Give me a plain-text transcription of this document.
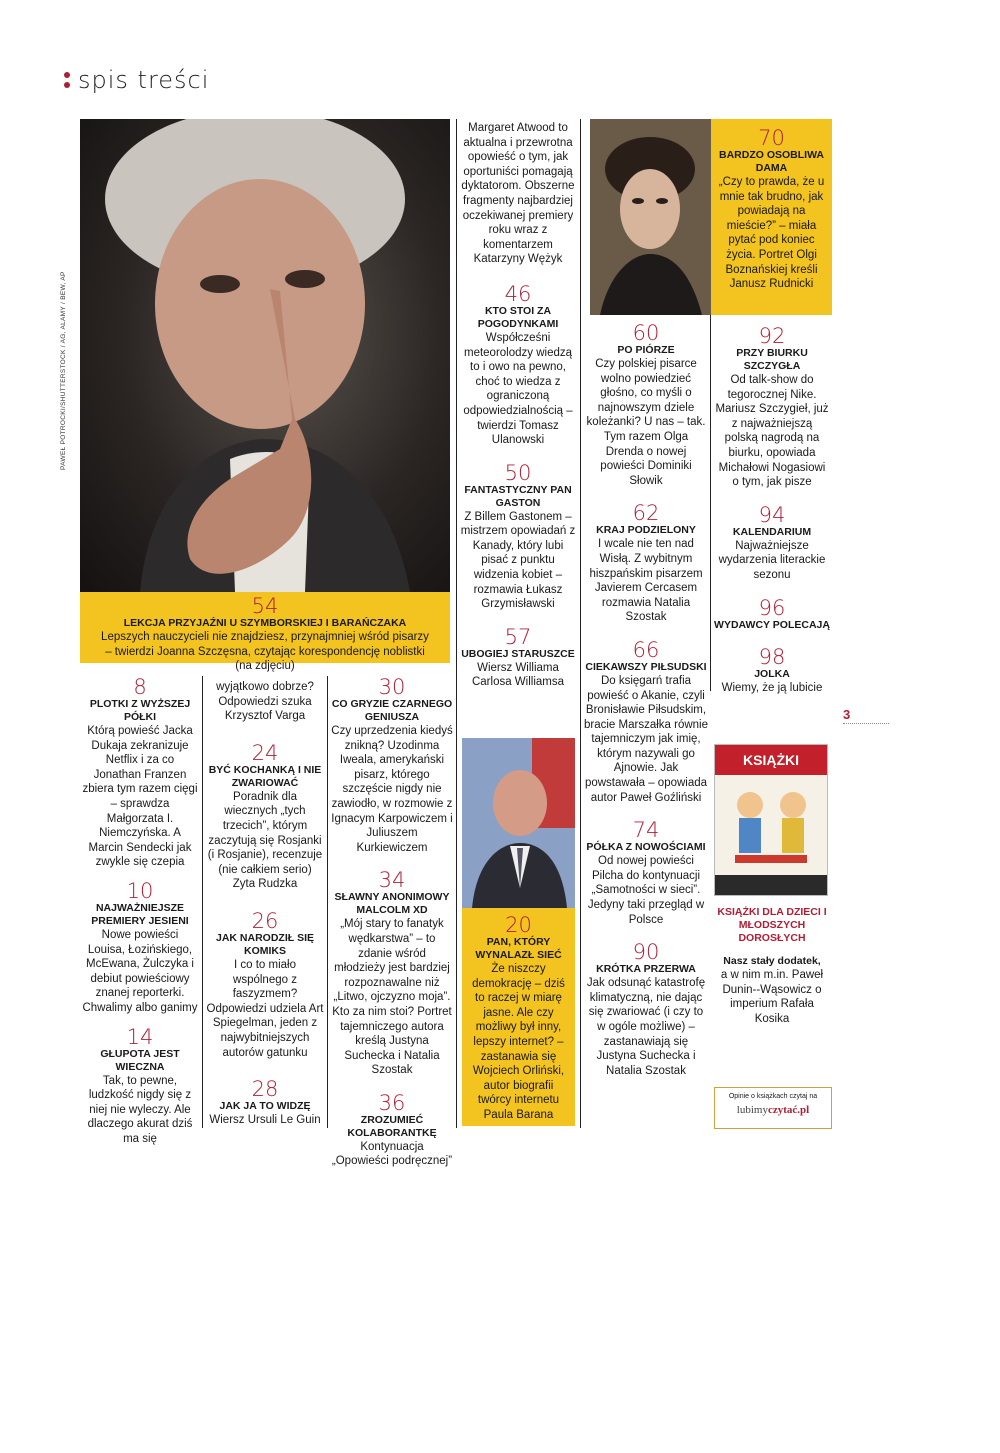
spis treści
PAWEŁ POTROCKI/SHUTTERSTOCK / AG, ALAMY / BEW, AP
54
LEKCJA PRZYJAŹNI U SZYMBORSKIEJ I BARAŃCZAKA
Lepszych nauczycieli nie znajdziesz, przynajmniej wśród pisarzy – twierdzi Joanna Szczęsna, czytając korespondencję noblistki (na zdjęciu)
8
PLOTKI Z WYŻSZEJ PÓŁKI
Którą powieść Jacka Dukaja zekranizuje Netflix i za co Jonathan Franzen zbiera tym razem cięgi – sprawdza Małgorzata I. Niemczyńska. A Marcin Sendecki jak zwykle się czepia
10
NAJWAŻNIEJSZE PREMIERY JESIENI
Nowe powieści Louisa, Łozińskiego, McEwana, Żulczyka i debiut powieściowy znanej reporterki. Chwalimy albo ganimy
14
GŁUPOTA JEST WIECZNA
Tak, to pewne, ludzkość nigdy się z niej nie wyleczy. Ale dlaczego akurat dziś ma się
wyjątkowo dobrze? Odpowiedzi szuka Krzysztof Varga
24
BYĆ KOCHANKĄ I NIE ZWARIOWAĆ
Poradnik dla wiecznych „tych trzecich”, którym zaczytują się Rosjanki (i Rosjanie), recenzuje (nie całkiem serio) Zyta Rudzka
26
JAK NARODZIŁ SIĘ KOMIKS
I co to miało wspólnego z faszyzmem? Odpowiedzi udziela Art Spiegelman, jeden z najwybitniejszych autorów gatunku
28
JAK JA TO WIDZĘ
Wiersz Ursuli Le Guin
30
CO GRYZIE CZARNEGO GENIUSZA
Czy uprzedzenia kiedyś znikną? Uzodinma Iweala, amerykański pisarz, którego szczęście nigdy nie zawiodło, w rozmowie z Ignacym Karpowiczem i Juliuszem Kurkiewiczem
34
SŁAWNY ANONIMOWY MALCOLM XD
„Mój stary to fanatyk wędkarstwa” – to zdanie wśród młodzieży jest bardziej rozpoznawalne niż „Litwo, ojczyzno moja”. Kto za nim stoi? Portret tajemniczego autora kreślą Justyna Suchecka i Natalia Szostak
36
ZROZUMIEĆ KOLABORANTKĘ
Kontynuacja „Opowieści podręcznej”
Margaret Atwood to aktualna i przewrotna opowieść o tym, jak oportuniści pomagają dyktatorom. Obszerne fragmenty najbardziej oczekiwanej premiery roku wraz z komentarzem Katarzyny Wężyk
46
KTO STOI ZA POGODYNKAMI
Współcześni meteorolodzy wiedzą to i owo na pewno, choć to wiedza z ograniczoną odpowiedzialnością – twierdzi Tomasz Ulanowski
50
FANTASTYCZNY PAN GASTON
Z Billem Gastonem – mistrzem opowiadań z Kanady, który lubi pisać z punktu widzenia kobiet – rozmawia Łukasz Grzymisławski
57
UBOGIEJ STARUSZCE
Wiersz Williama Carlosa Williamsa
20
PAN, KTÓRY WYNALAZŁ SIEĆ
Że niszczy demokrację – dziś to raczej w miarę jasne. Ale czy możliwy był inny, lepszy internet? – zastanawia się Wojciech Orliński, autor biografii twórcy internetu Paula Barana
70
BARDZO OSOBLIWA DAMA
„Czy to prawda, że u mnie tak brudno, jak powiadają na mieście?” – miała pytać pod koniec życia. Portret Olgi Boznańskiej kreśli Janusz Rudnicki
60
PO PIÓRZE
Czy polskiej pisarce wolno powiedzieć głośno, co myśli o najnowszym dziele koleżanki? U nas – tak. Tym razem Olga Drenda o nowej powieści Dominiki Słowik
62
KRAJ PODZIELONY
I wcale nie ten nad Wisłą. Z wybitnym hiszpańskim pisarzem Javierem Cercasem rozmawia Natalia Szostak
66
CIEKAWSZY PIŁSUDSKI
Do księgarń trafia powieść o Akanie, czyli Bronisławie Piłsudskim, bracie Marszałka równie tajemniczym jak imię, którym nazywali go Ajnowie. Jak powstawała – opowiada autor Paweł Goźliński
74
PÓŁKA Z NOWOŚCIAMI
Od nowej powieści Pilcha do kontynuacji „Samotności w sieci”. Jedyny taki przegląd w Polsce
90
KRÓTKA PRZERWA
Jak odsunąć katastrofę klimatyczną, nie dając się zwariować (i czy to w ogóle możliwe) – zastanawiają się Justyna Suchecka i Natalia Szostak
92
PRZY BIURKU SZCZYGŁA
Od talk-show do tegorocznej Nike. Mariusz Szczygieł, już z najważniejszą polską nagrodą na biurku, opowiada Michałowi Nogasiowi o tym, jak pisze
94
KALENDARIUM
Najważniejsze wydarzenia literackie sezonu
96
WYDAWCY POLECAJĄ
98
JOLKA
Wiemy, że ją lubicie
3
KSIĄŻKI
KSIĄŻKI DLA DZIECI I MŁODSZYCH DOROSŁYCH
Nasz stały dodatek,
a w nim m.in. Paweł Dunin--Wąsowicz o imperium Rafała Kosika
Opinie o książkach czytaj na
lubimyczytać.pl
